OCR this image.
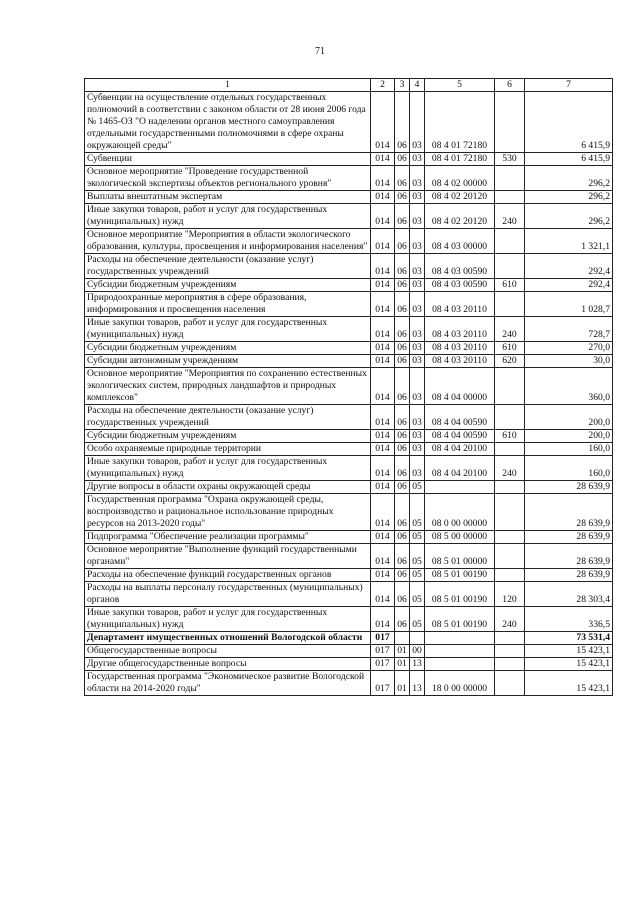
71
1	2	3	4	5	6	7
Субвенции на осуществление отдельных государственных полномочий в соответствии с законом области от 28 июня 2006 года № 1465-ОЗ "О наделении органов местного самоуправления отдельными государственными полномочиями в сфере охраны окружающей среды"	014	06	03	08 4 01 72180		6 415,9
Субвенции	014	06	03	08 4 01 72180	530	6 415,9
Основное мероприятие "Проведение государственной экологической экспертизы объектов регионального уровня"	014	06	03	08 4 02 00000		296,2
Выплаты внештатным экспертам	014	06	03	08 4 02 20120		296,2
Иные закупки товаров, работ и услуг для государственных (муниципальных) нужд	014	06	03	08 4 02 20120	240	296,2
Основное мероприятие "Мероприятия в области экологического образования, культуры, просвещения и информирования населения"	014	06	03	08 4 03 00000		1 321,1
Расходы на обеспечение деятельности (оказание услуг) государственных учреждений	014	06	03	08 4 03 00590		292,4
Субсидии бюджетным учреждениям	014	06	03	08 4 03 00590	610	292,4
Природоохранные мероприятия в сфере образования, информирования и просвещения населения	014	06	03	08 4 03 20110		1 028,7
Иные закупки товаров, работ и услуг для государственных (муниципальных) нужд	014	06	03	08 4 03 20110	240	728,7
Субсидии бюджетным учреждениям	014	06	03	08 4 03 20110	610	270,0
Субсидии автономным учреждениям	014	06	03	08 4 03 20110	620	30,0
Основное мероприятие "Мероприятия по сохранению естественных экологических систем, природных ландшафтов и природных комплексов"	014	06	03	08 4 04 00000		360,0
Расходы на обеспечение деятельности (оказание услуг) государственных учреждений	014	06	03	08 4 04 00590		200,0
Субсидии бюджетным учреждениям	014	06	03	08 4 04 00590	610	200,0
Особо охраняемые природные территории	014	06	03	08 4 04 20100		160,0
Иные закупки товаров, работ и услуг для государственных (муниципальных) нужд	014	06	03	08 4 04 20100	240	160,0
Другие вопросы в области охраны окружающей среды	014	06	05			28 639,9
Государственная программа "Охрана окружающей среды, воспроизводство и рациональное использование природных ресурсов на 2013-2020 годы"	014	06	05	08 0 00 00000		28 639,9
Подпрограмма "Обеспечение реализации программы"	014	06	05	08 5 00 00000		28 639,9
Основное мероприятие "Выполнение функций государственными органами"	014	06	05	08 5 01 00000		28 639,9
Расходы на обеспечение функций государственных органов	014	06	05	08 5 01 00190		28 639,9
Расходы на выплаты персоналу государственных (муниципальных) органов	014	06	05	08 5 01 00190	120	28 303,4
Иные закупки товаров, работ и услуг для государственных (муниципальных) нужд	014	06	05	08 5 01 00190	240	336,5
Департамент имущественных отношений Вологодской области	017					73 531,4
Общегосударственные вопросы	017	01	00			15 423,1
Другие общегосударственные вопросы	017	01	13			15 423,1
Государственная программа "Экономическое развитие Вологодской области на 2014-2020 годы"	017	01	13	18 0 00 00000		15 423,1
